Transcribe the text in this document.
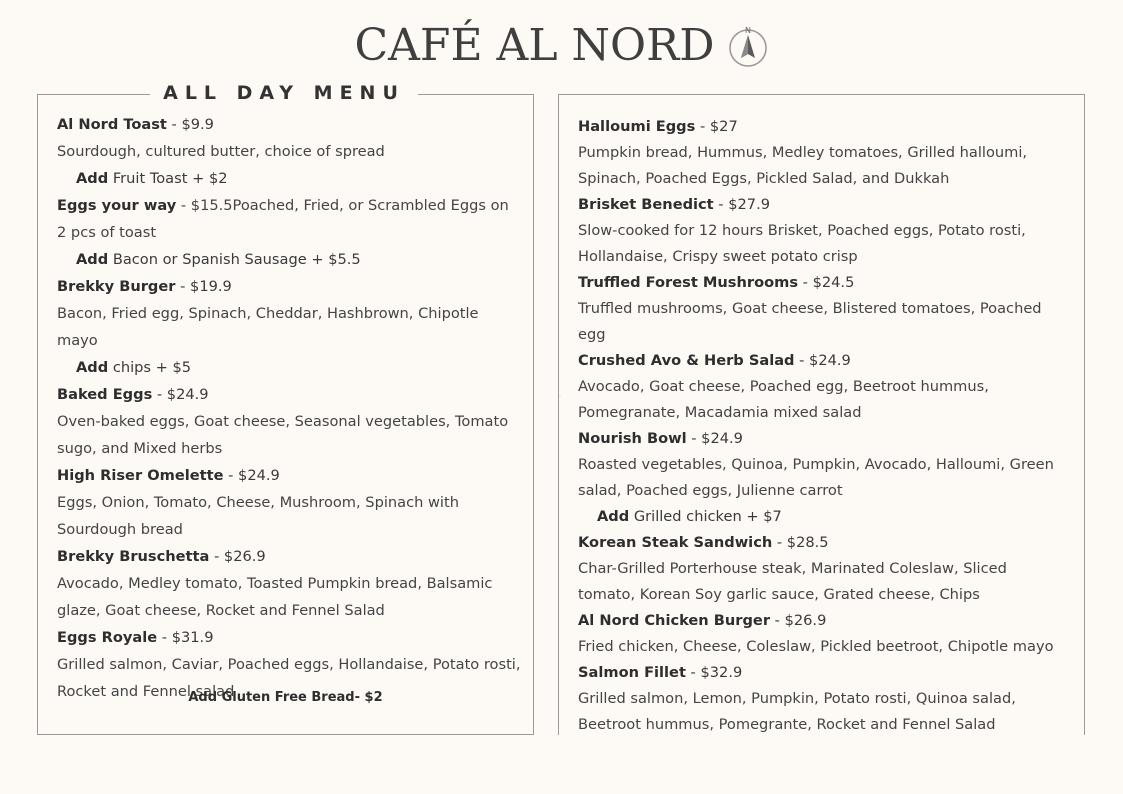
CAFÉ AL NORD	N
ALL DAY MENU
Al Nord Toast - $9.9
Sourdough, cultured butter, choice of spread
Add Fruit Toast + $2
Eggs your way - $15.5Poached, Fried, or Scrambled Eggs on 2 pcs of toast
Add Bacon or Spanish Sausage + $5.5
Brekky Burger - $19.9
Bacon, Fried egg, Spinach, Cheddar, Hashbrown, Chipotle mayo
Add chips + $5
Baked Eggs - $24.9
Oven-baked eggs, Goat cheese, Seasonal vegetables, Tomato sugo, and Mixed herbs
High Riser Omelette - $24.9
Eggs, Onion, Tomato, Cheese, Mushroom, Spinach with Sourdough bread
Brekky Bruschetta - $26.9
Avocado, Medley tomato, Toasted Pumpkin bread, Balsamic glaze, Goat cheese, Rocket and Fennel Salad
Eggs Royale - $31.9
Grilled salmon, Caviar, Poached eggs, Hollandaise, Potato rosti, Rocket and Fennel salad
Add Gluten Free Bread- $2
·
Halloumi Eggs - $27
Pumpkin bread, Hummus, Medley tomatoes, Grilled halloumi, Spinach, Poached Eggs, Pickled Salad, and Dukkah
Brisket Benedict - $27.9
Slow-cooked for 12 hours Brisket, Poached eggs, Potato rosti, Hollandaise, Crispy sweet potato crisp
Truffled Forest Mushrooms - $24.5
Truffled mushrooms, Goat cheese, Blistered tomatoes, Poached egg
Crushed Avo & Herb Salad - $24.9
Avocado, Goat cheese, Poached egg, Beetroot hummus, Pomegranate, Macadamia mixed salad
Nourish Bowl - $24.9
Roasted vegetables, Quinoa, Pumpkin, Avocado, Halloumi, Green salad, Poached eggs, Julienne carrot
Add Grilled chicken + $7
Korean Steak Sandwich - $28.5
Char-Grilled Porterhouse steak, Marinated Coleslaw, Sliced tomato, Korean Soy garlic sauce, Grated cheese, Chips
Al Nord Chicken Burger - $26.9
Fried chicken, Cheese, Coleslaw, Pickled beetroot, Chipotle mayo
Salmon Fillet - $32.9
Grilled salmon, Lemon, Pumpkin, Potato rosti, Quinoa salad, Beetroot hummus, Pomegrante, Rocket and Fennel Salad
